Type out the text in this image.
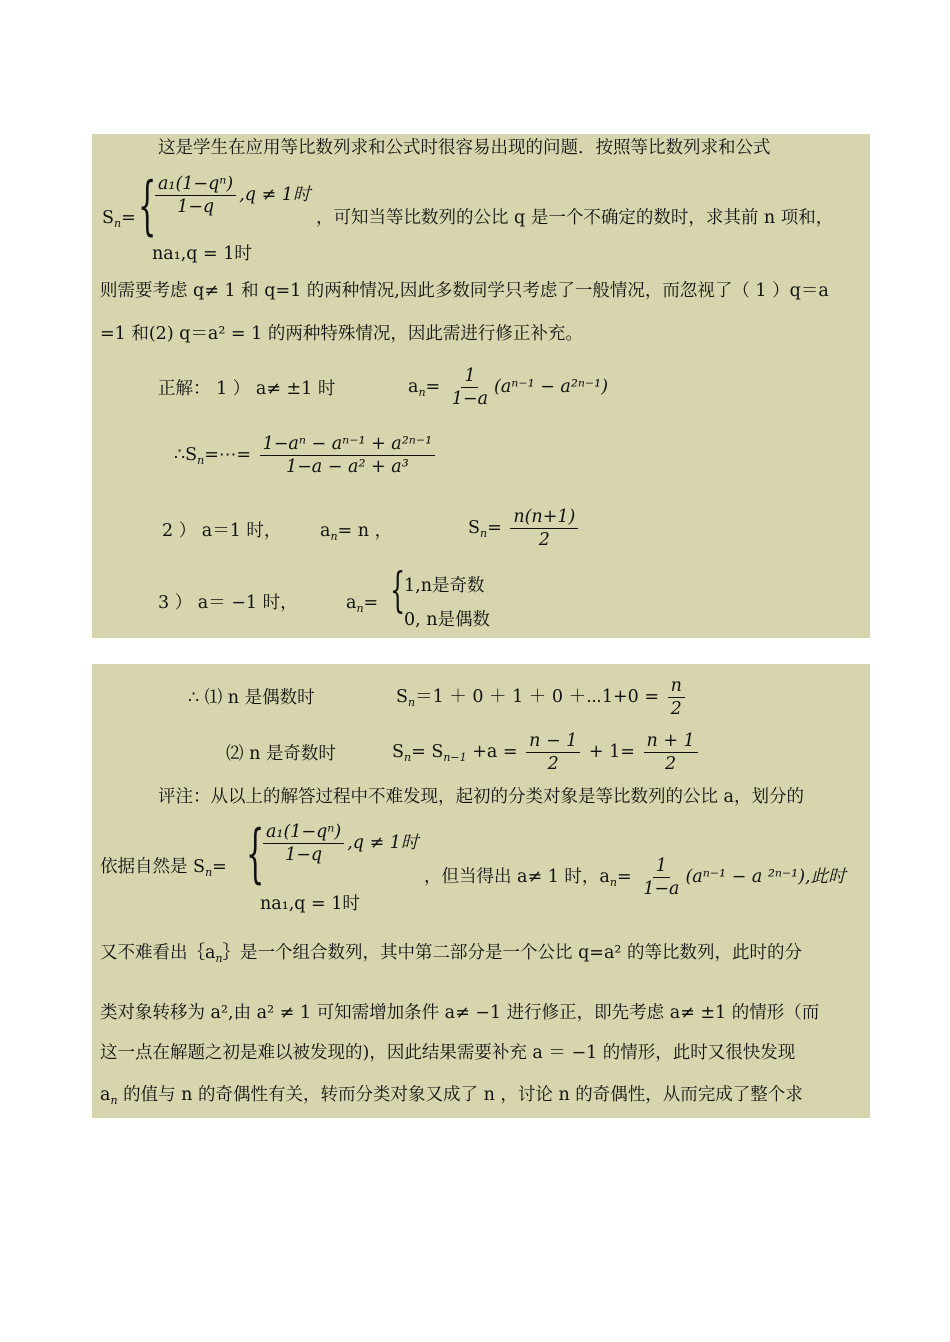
这是学生在应用等比数列求和公式时很容易出现的问题．按照等比数列求和公式
$S_n=$ {
$\frac{\text{a₁(1−qⁿ)}}{1-q} ,q \ne 1$时
na₁,q = 1时
，可知当等比数列的公比 q 是一个不确定的数时，求其前 n 项和，
则需要考虑 q≠ 1 和 q=1 的两种情况,因此多数同学只考虑了一般情况，而忽视了（ 1 ）q＝a
=1 和(2) q＝a² = 1 的两种特殊情况，因此需进行修正补充。
正解： 1 ） a≠ ±1 时	$a_n= \frac{1}{1-a} (a^{n-1} - a^{2n-1})$
$\therefore S_n=\cdots= \frac{\text{1−aⁿ − aⁿ⁻¹ + a²ⁿ⁻¹}}{\text{1−a − a² + a³}}$
2 ） a＝1 时， $a_n= n$ ，	$S_n= \frac{n(n+1)}{2}$
3 ） a＝ −1 时，	$a_n=$ {
1,n是奇数
0, n是偶数
∴ ⑴ n 是偶数时	$S_n=1 + 0 + 1 + 0$ ＋⋯1+0 = $\frac{n}{2}$
⑵ n 是奇数时	$S_n= S_{n-1} +a = \frac{n - 1}{2} + 1= \frac{n + 1}{2}$
评注：从以上的解答过程中不难发现，起初的分类对象是等比数列的公比 a，划分的
依据自然是 $S_n=$ {
$\frac{\text{a₁(1−qⁿ)}}{1-q} ,q \ne 1$时
na₁,q = 1时
，但当得出 a≠ 1 时，$a_n= \frac{1}{1-a} (a^{n-1} - a$ ²ⁿ⁻¹),此时
又不难看出$\{a_n\}$是一个组合数列，其中第二部分是一个公比 q=a² 的等比数列，此时的分
类对象转移为 a²,由 a² ≠ 1 可知需增加条件 a≠ −1 进行修正，即先考虑 a≠ ±1 的情形（而
这一点在解题之初是难以被发现的)，因此结果需要补充 a ＝ −1 的情形，此时又很快发现
$a_n$ 的值与 n 的奇偶性有关，转而分类对象又成了 n ，讨论 n 的奇偶性，从而完成了整个求
